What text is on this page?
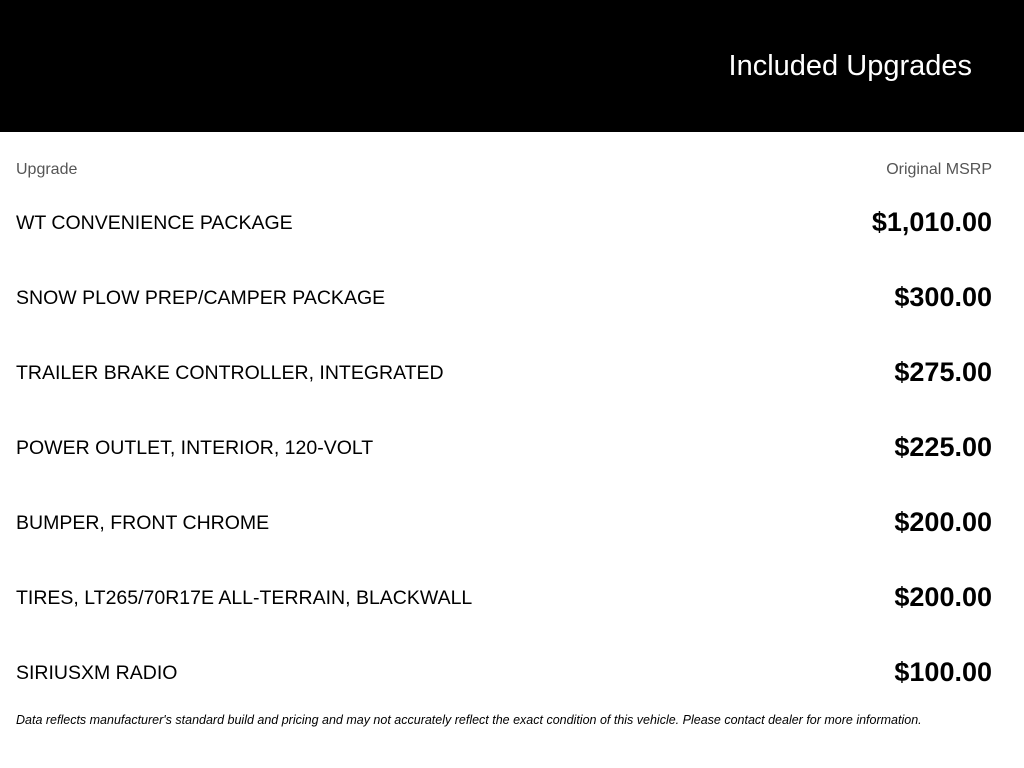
Included Upgrades
Upgrade	Original MSRP
WT CONVENIENCE PACKAGE	$1,010.00
SNOW PLOW PREP/CAMPER PACKAGE	$300.00
TRAILER BRAKE CONTROLLER, INTEGRATED	$275.00
POWER OUTLET, INTERIOR, 120-VOLT	$225.00
BUMPER, FRONT CHROME	$200.00
TIRES, LT265/70R17E ALL-TERRAIN, BLACKWALL	$200.00
SIRIUSXM RADIO	$100.00

Data reflects manufacturer's standard build and pricing and may not accurately reflect the exact condition of this vehicle. Please contact dealer for more information.
